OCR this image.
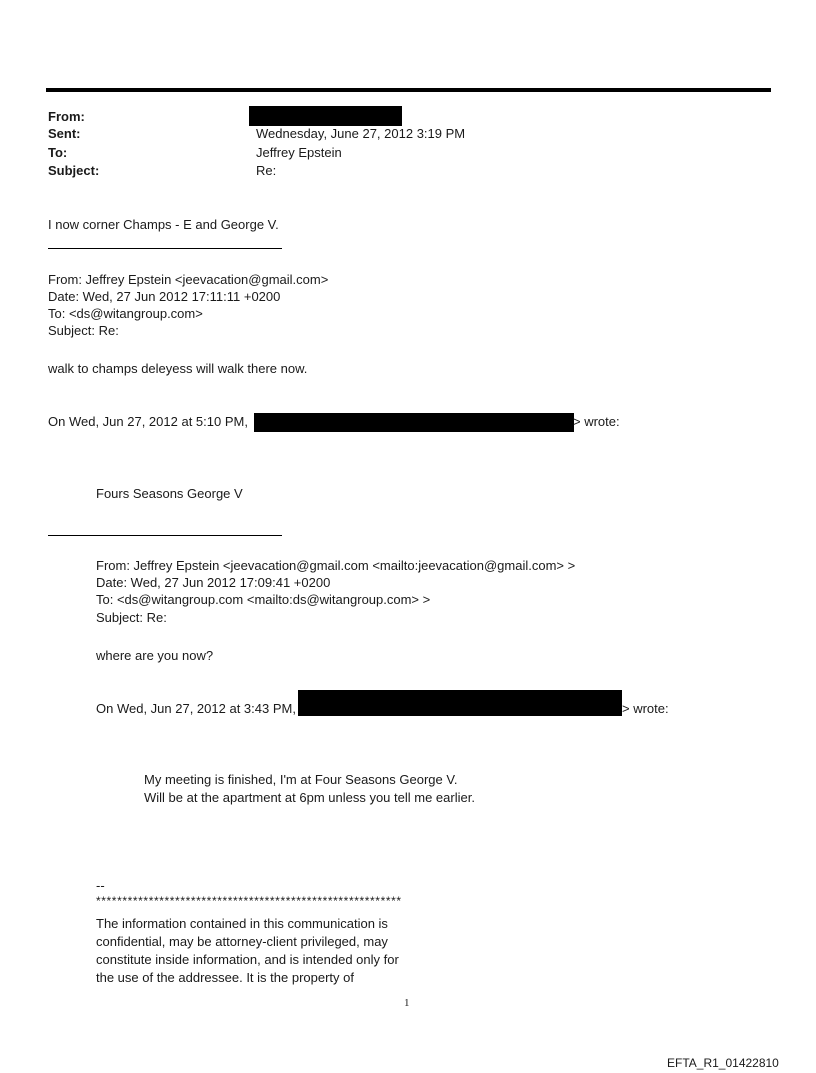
From:
Sent:	Wednesday, June 27, 2012 3:19 PM
To:	Jeffrey Epstein
Subject:	Re:
I now corner Champs - E and George V.
From: Jeffrey Epstein <jeevacation@gmail.com>
Date: Wed, 27 Jun 2012 17:11:11 +0200
To: <ds@witangroup.com>
Subject: Re:
walk to champs deleyess will walk there now.
On Wed, Jun 27, 2012 at 5:10 PM,	> wrote:
Fours Seasons George V
From: Jeffrey Epstein <jeevacation@gmail.com <mailto:jeevacation@gmail.com> >
Date: Wed, 27 Jun 2012 17:09:41 +0200
To: <ds@witangroup.com <mailto:ds@witangroup.com> >
Subject: Re:
where are you now?
On Wed, Jun 27, 2012 at 3:43 PM,	> wrote:
My meeting is finished, I'm at Four Seasons George V.
Will be at the apartment at 6pm unless you tell me earlier.
--
**********************************************************
The information contained in this communication is
confidential, may be attorney-client privileged, may
constitute inside information, and is intended only for
the use of the addressee. It is the property of
1
EFTA_R1_01422810
